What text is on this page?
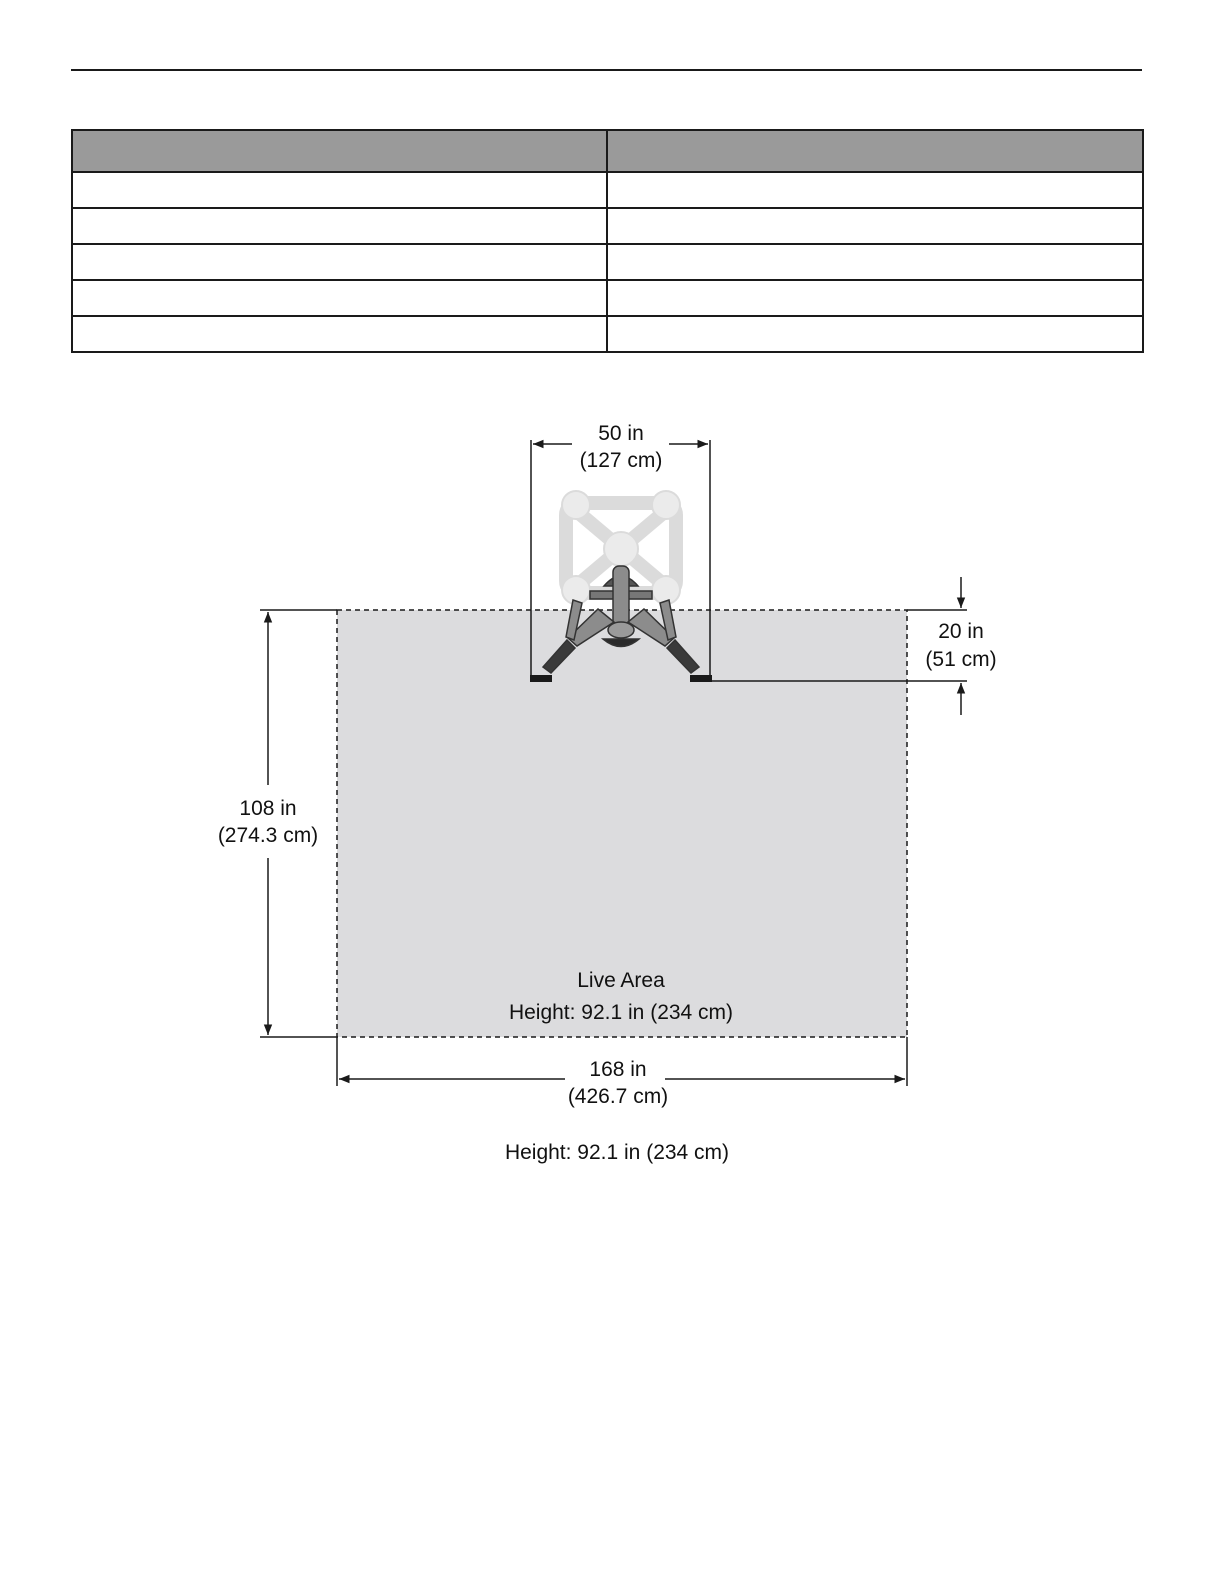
50 in
(127 cm)
20 in
(51 cm)
108 in
(274.3 cm)
168 in
(426.7 cm)
Live Area
Height: 92.1 in (234 cm)
Height: 92.1 in (234 cm)
